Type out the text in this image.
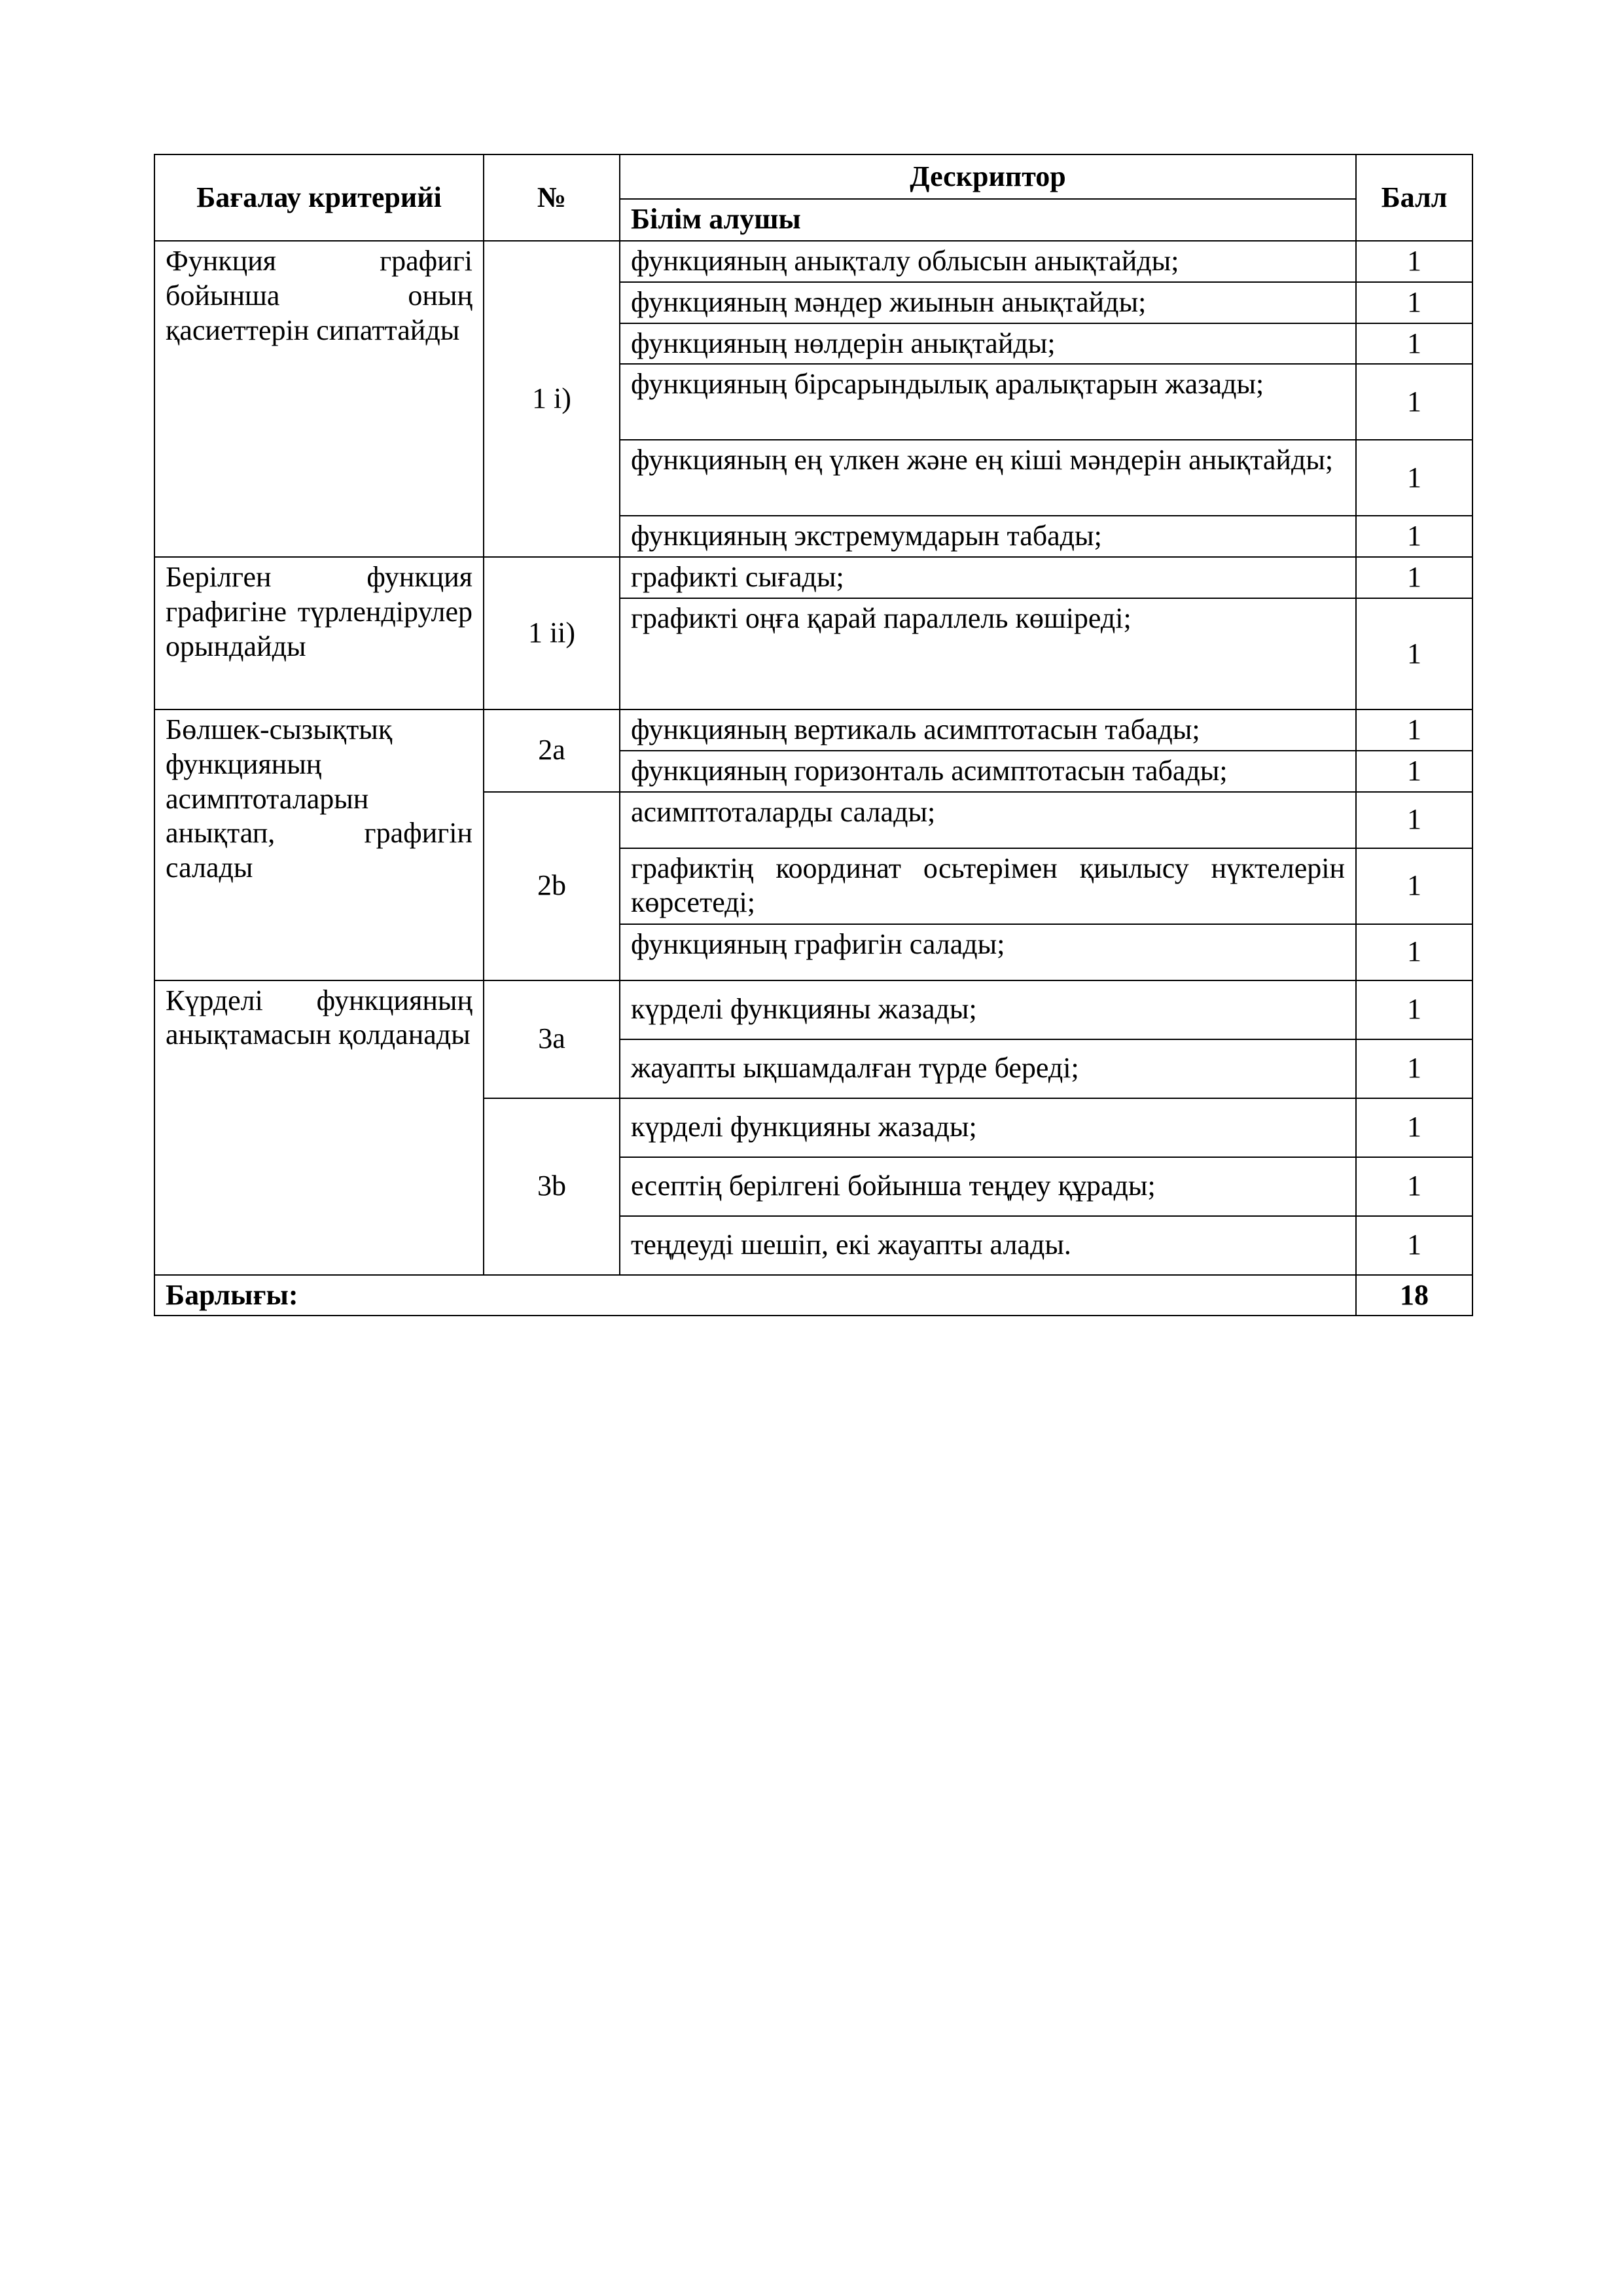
Бағалау критерийі	№	Дескриптор	Балл
		Білім алушы	
Функция графигі бойынша оның қасиеттерін сипаттайды	1 i)	функцияның анықталу облысын анықтайды;	1
		функцияның мәндер жиынын анықтайды;	1
		функцияның нөлдерін анықтайды;	1
		функцияның бірсарындылық аралықтарын жазады;	1
		функцияның ең үлкен және ең кіші мәндерін анықтайды;	1
		функцияның экстремумдарын табады;	1
Берілген функция графигіне түрлендірулер орындайды	1 ii)	графикті сығады;	1
		графикті оңға қарай параллель көшіреді;	1
Бөлшек-сызықтық функцияның асимптоталарын анықтап, графигін салады	2a	функцияның вертикаль асимптотасын табады;	1
		функцияның горизонталь асимптотасын табады;	1
	2b	асимптоталарды салады;	1
		графиктің координат осьтерімен қиылысу нүктелерін көрсетеді;	1
		функцияның графигін салады;	1
Күрделі функцияның анықтамасын қолданады	3a	күрделі функцияны жазады;	1
		жауапты ықшамдалған түрде береді;	1
	3b	күрделі функцияны жазады;	1
		есептің берілгені бойынша теңдеу құрады;	1
		теңдеуді шешіп, екі жауапты алады.	1
Барлығы:			18
